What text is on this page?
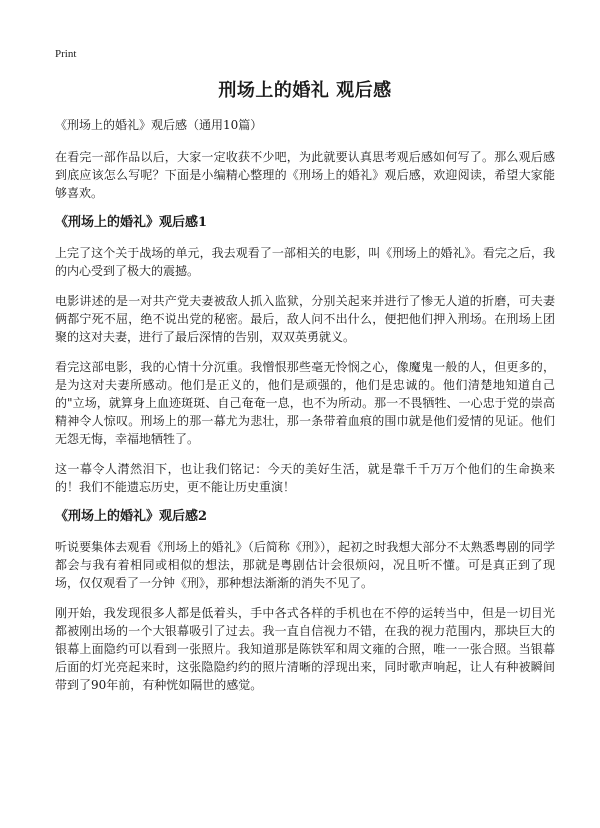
Print
刑场上的婚礼 观后感
《刑场上的婚礼》观后感（通用10篇）

在看完一部作品以后，大家一定收获不少吧，为此就要认真思考观后感如何写了。那么观后感到底应该怎么写呢？下面是小编精心整理的《刑场上的婚礼》观后感，欢迎阅读，希望大家能够喜欢。

《刑场上的婚礼》观后感1

上完了这个关于战场的单元，我去观看了一部相关的电影，叫《刑场上的婚礼》。看完之后，我的内心受到了极大的震撼。

电影讲述的是一对共产党夫妻被敌人抓入监狱，分别关起来并进行了惨无人道的折磨，可夫妻俩都宁死不屈，绝不说出党的秘密。最后，敌人问不出什么，便把他们押入刑场。在刑场上团聚的这对夫妻，进行了最后深情的告别，双双英勇就义。

看完这部电影，我的心情十分沉重。我憎恨那些毫无怜悯之心，像魔鬼一般的人，但更多的，是为这对夫妻所感动。他们是正义的，他们是顽强的，他们是忠诚的。他们清楚地知道自己的"立场，就算身上血迹斑斑、自己奄奄一息，也不为所动。那一不畏牺牲、一心忠于党的崇高精神令人惊叹。刑场上的那一幕尤为悲壮，那一条带着血痕的围巾就是他们爱情的见证。他们无怨无悔，幸福地牺牲了。

这一幕令人潸然泪下，也让我们铭记：今天的美好生活，就是靠千千万万个他们的生命换来的！我们不能遗忘历史，更不能让历史重演！

《刑场上的婚礼》观后感2

听说要集体去观看《刑场上的婚礼》（后简称《刑》），起初之时我想大部分不太熟悉粤剧的同学都会与我有着相同或相似的想法，那就是粤剧估计会很烦闷，况且听不懂。可是真正到了现场，仅仅观看了一分钟《刑》，那种想法渐渐的消失不见了。

刚开始，我发现很多人都是低着头，手中各式各样的手机也在不停的运转当中，但是一切目光都被刚出场的一个大银幕吸引了过去。我一直自信视力不错，在我的视力范围内，那块巨大的银幕上面隐约可以看到一张照片。我知道那是陈铁军和周文雍的合照，唯一一张合照。当银幕后面的灯光亮起来时，这张隐隐约约的照片清晰的浮现出来，同时歌声响起，让人有种被瞬间带到了90年前，有种恍如隔世的感觉。
